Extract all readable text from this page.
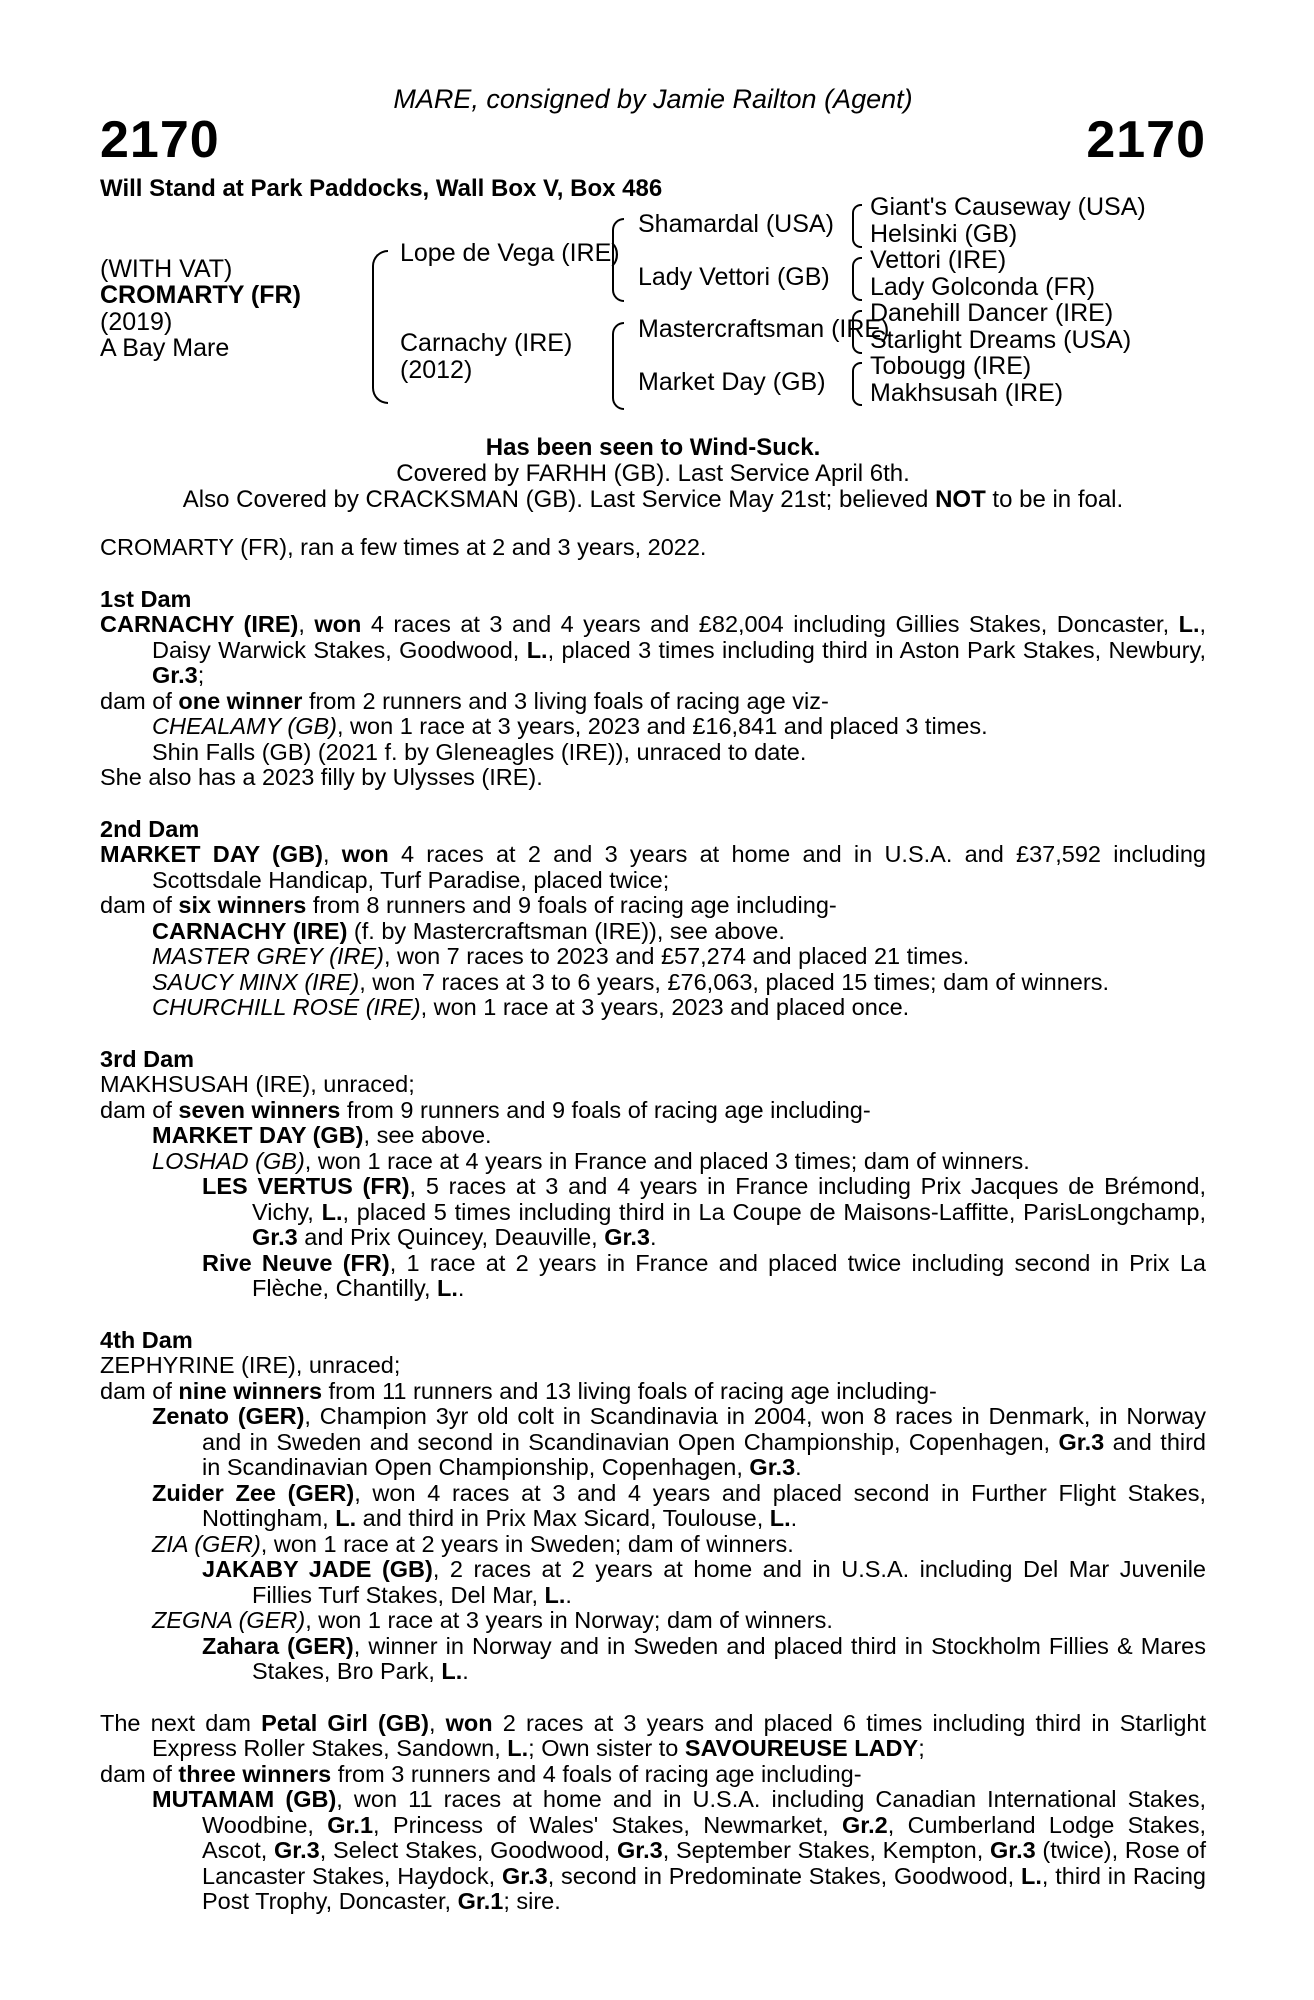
MARE, consigned by Jamie Railton (Agent)
2170	2170
Will Stand at Park Paddocks, Wall Box V, Box 486
(WITH VAT)
CROMARTY (FR)
(2019)
A Bay Mare
Lope de Vega (IRE)
Carnachy (IRE)
(2012)
Shamardal (USA)
Lady Vettori (GB)
Mastercraftsman (IRE)
Market Day (GB)
Giant's Causeway (USA)
Helsinki (GB)
Vettori (IRE)
Lady Golconda (FR)
Danehill Dancer (IRE)
Starlight Dreams (USA)
Tobougg (IRE)
Makhsusah (IRE)
Has been seen to Wind-Suck.
Covered by FARHH (GB). Last Service April 6th.
Also Covered by CRACKSMAN (GB). Last Service May 21st; believed NOT to be in foal.

CROMARTY (FR), ran a few times at 2 and 3 years, 2022.

1st Dam

CARNACHY (IRE), won 4 races at 3 and 4 years and £82,004 including Gillies Stakes, Doncaster, L., Daisy Warwick Stakes, Goodwood, L., placed 3 times including third in Aston Park Stakes, Newbury, Gr.3;

dam of one winner from 2 runners and 3 living foals of racing age viz-

CHEALAMY (GB), won 1 race at 3 years, 2023 and £16,841 and placed 3 times.

Shin Falls (GB) (2021 f. by Gleneagles (IRE)), unraced to date.

She also has a 2023 filly by Ulysses (IRE).

2nd Dam

MARKET DAY (GB), won 4 races at 2 and 3 years at home and in U.S.A. and £37,592 including Scottsdale Handicap, Turf Paradise, placed twice;

dam of six winners from 8 runners and 9 foals of racing age including-

CARNACHY (IRE) (f. by Mastercraftsman (IRE)), see above.

MASTER GREY (IRE), won 7 races to 2023 and £57,274 and placed 21 times.

SAUCY MINX (IRE), won 7 races at 3 to 6 years, £76,063, placed 15 times; dam of winners.

CHURCHILL ROSE (IRE), won 1 race at 3 years, 2023 and placed once.

3rd Dam

MAKHSUSAH (IRE), unraced;

dam of seven winners from 9 runners and 9 foals of racing age including-

MARKET DAY (GB), see above.

LOSHAD (GB), won 1 race at 4 years in France and placed 3 times; dam of winners.

LES VERTUS (FR), 5 races at 3 and 4 years in France including Prix Jacques de Brémond, Vichy, L., placed 5 times including third in La Coupe de Maisons-Laffitte, ParisLongchamp, Gr.3 and Prix Quincey, Deauville, Gr.3.

Rive Neuve (FR), 1 race at 2 years in France and placed twice including second in Prix La Flèche, Chantilly, L..

4th Dam

ZEPHYRINE (IRE), unraced;

dam of nine winners from 11 runners and 13 living foals of racing age including-

Zenato (GER), Champion 3yr old colt in Scandinavia in 2004, won 8 races in Denmark, in Norway and in Sweden and second in Scandinavian Open Championship, Copenhagen, Gr.3 and third in Scandinavian Open Championship, Copenhagen, Gr.3.

Zuider Zee (GER), won 4 races at 3 and 4 years and placed second in Further Flight Stakes, Nottingham, L. and third in Prix Max Sicard, Toulouse, L..

ZIA (GER), won 1 race at 2 years in Sweden; dam of winners.

JAKABY JADE (GB), 2 races at 2 years at home and in U.S.A. including Del Mar Juvenile Fillies Turf Stakes, Del Mar, L..

ZEGNA (GER), won 1 race at 3 years in Norway; dam of winners.

Zahara (GER), winner in Norway and in Sweden and placed third in Stockholm Fillies & Mares Stakes, Bro Park, L..

The next dam Petal Girl (GB), won 2 races at 3 years and placed 6 times including third in Starlight Express Roller Stakes, Sandown, L.; Own sister to SAVOUREUSE LADY;

dam of three winners from 3 runners and 4 foals of racing age including-

MUTAMAM (GB), won 11 races at home and in U.S.A. including Canadian International Stakes, Woodbine, Gr.1, Princess of Wales' Stakes, Newmarket, Gr.2, Cumberland Lodge Stakes, Ascot, Gr.3, Select Stakes, Goodwood, Gr.3, September Stakes, Kempton, Gr.3 (twice), Rose of Lancaster Stakes, Haydock, Gr.3, second in Predominate Stakes, Goodwood, L., third in Racing Post Trophy, Doncaster, Gr.1; sire.
